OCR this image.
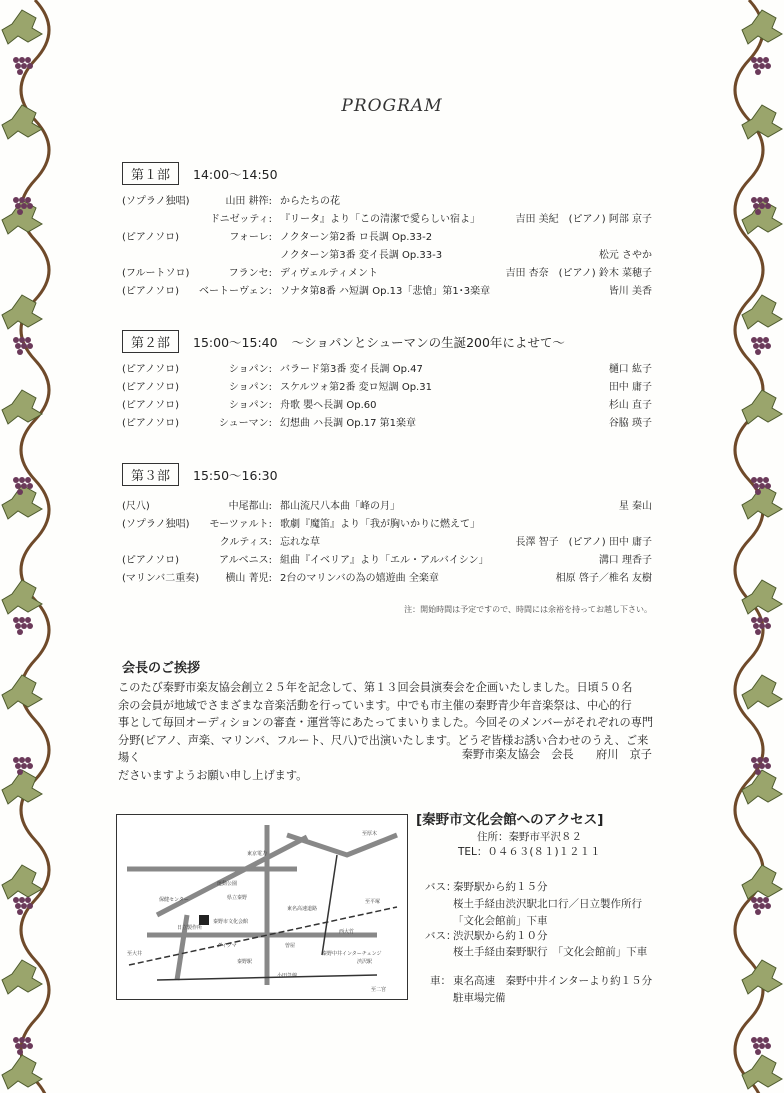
PROGRAM
第１部	14:00〜14:50
第２部	15:00〜15:40 〜ショパンとシューマンの生誕200年によせて〜
第３部	15:50〜16:30
(ソプラノ独唱)	山田 耕筰: からたちの花
ドニゼッティ: 『リータ』より「この清潔で愛らしい宿よ」	吉田 美紀　(ピアノ) 阿部 京子
(ピアノソロ)	フォーレ: ノクターン第2番 ロ長調 Op.33-2
ノクターン第3番 変イ長調 Op.33-3	松元 さやか
(フルートソロ)	フランセ: ディヴェルティメント	吉田 杏奈　(ピアノ) 鈴木 菜穂子
(ピアノソロ) ベートーヴェン: ソナタ第8番 ハ短調 Op.13「悲愴」第1･3楽章	皆川 美香
(ピアノソロ)	ショパン: バラード第3番 変イ長調 Op.47	樋口 紘子
(ピアノソロ)	ショパン: スケルツォ第2番 変ロ短調 Op.31	田中 庸子
(ピアノソロ)	ショパン: 舟歌 嬰ヘ長調 Op.60	杉山 直子
(ピアノソロ)	シューマン: 幻想曲 ハ長調 Op.17 第1楽章	谷脇 瑛子
(尺八)	中尾都山: 都山流尺八本曲「峰の月」	星 秦山
(ソプラノ独唱) モーツァルト: 歌劇『魔笛』より「我が胸いかりに燃えて」
クルティス: 忘れな草	長澤 智子　(ピアノ) 田中 庸子
(ピアノソロ)	アルベニス: 組曲『イベリア』より「エル・アルバイシン」	溝口 理香子
(マリンバ二重奏)	横山 菁児: 2台のマリンバの為の嬉遊曲 全楽章	相原 啓子／椎名 友樹
注：開始時間は予定ですので、時間には余裕を持ってお越し下さい。
会長のご挨拶
このたび秦野市楽友協会創立２５年を記念して、第１３回会員演奏会を企画いたしました。日頃５０名
余の会員が地域でさまざまな音楽活動を行っています。中でも市主催の秦野青少年音楽祭は、中心的行
事として毎回オーディションの審査・運営等にあたってまいりました。今回そのメンバーがそれぞれの専門
分野(ピアノ、声楽、マリンバ、フルート、尺八)で出演いたします。どうぞ皆様お誘い合わせのうえ、ご来場く
ださいますようお願い申し上げます。
秦野市楽友協会　会長　　府川　京子
東京電力
運動公園
県立秦野
秦野市文化会館
日立製作所
秦野中井インターチェンジ
東名高速道路
小田急線
渋沢駅
至平塚
至二宮
西大竹
秦野駅
保健センター
ダイクマ	曽屋
至厚木
至大井
[秦野市文化会館へのアクセス]
住所：秦野市平沢８２
TEL：０４６３(８１)１２１１
バス：
秦野駅から約１５分
桜土手経由渋沢駅北口行／日立製作所行
「文化会館前」下車
バス：
渋沢駅から約１０分
桜土手経由秦野駅行　「文化会館前」下車
車： 東名高速　秦野中井インターより約１５分
駐車場完備
